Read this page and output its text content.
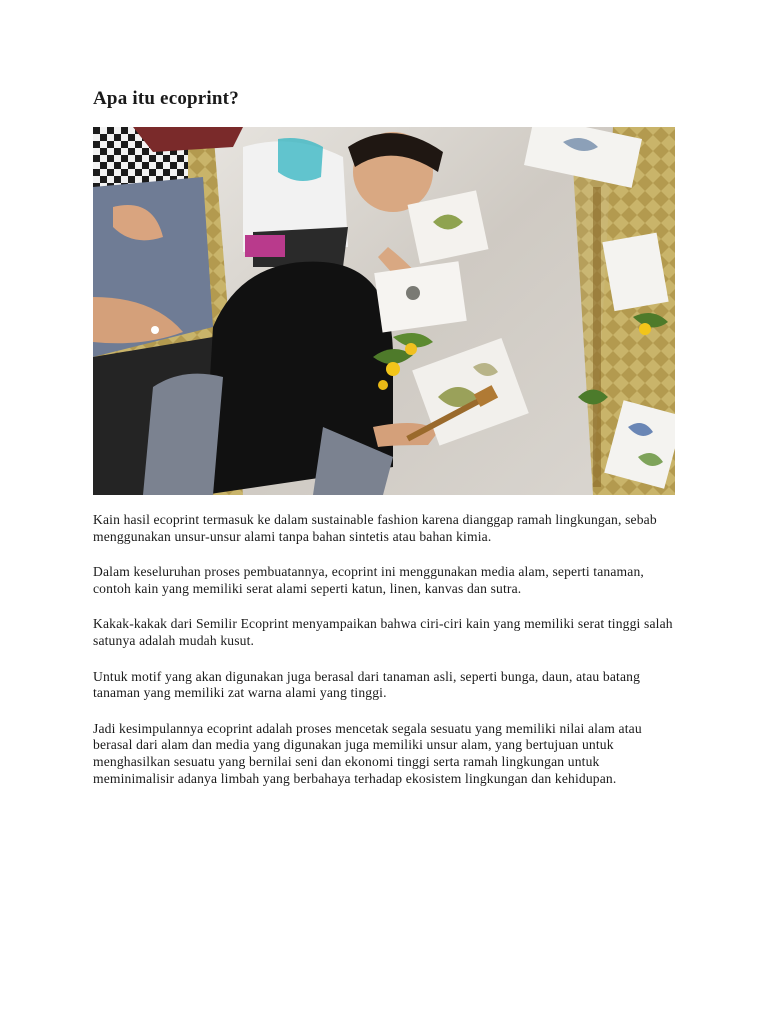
Apa itu ecoprint?

Kain hasil ecoprint termasuk ke dalam sustainable fashion karena dianggap ramah lingkungan, sebab menggunakan unsur-unsur alami tanpa bahan sintetis atau bahan kimia.

Dalam keseluruhan proses pembuatannya, ecoprint ini menggunakan media alam, seperti tanaman, contoh kain yang memiliki serat alami seperti katun, linen, kanvas dan sutra.

Kakak-kakak dari Semilir Ecoprint menyampaikan bahwa ciri-ciri kain yang memiliki serat tinggi salah satunya adalah mudah kusut.

Untuk motif yang akan digunakan juga berasal dari tanaman asli, seperti bunga, daun, atau batang tanaman yang memiliki zat warna alami yang tinggi.

Jadi kesimpulannya ecoprint adalah proses mencetak segala sesuatu yang memiliki nilai alam atau berasal dari alam dan media yang digunakan juga memiliki unsur alam, yang bertujuan untuk menghasilkan sesuatu yang bernilai seni dan ekonomi tinggi serta ramah lingkungan untuk meminimalisir adanya limbah yang berbahaya terhadap ekosistem lingkungan dan kehidupan.
